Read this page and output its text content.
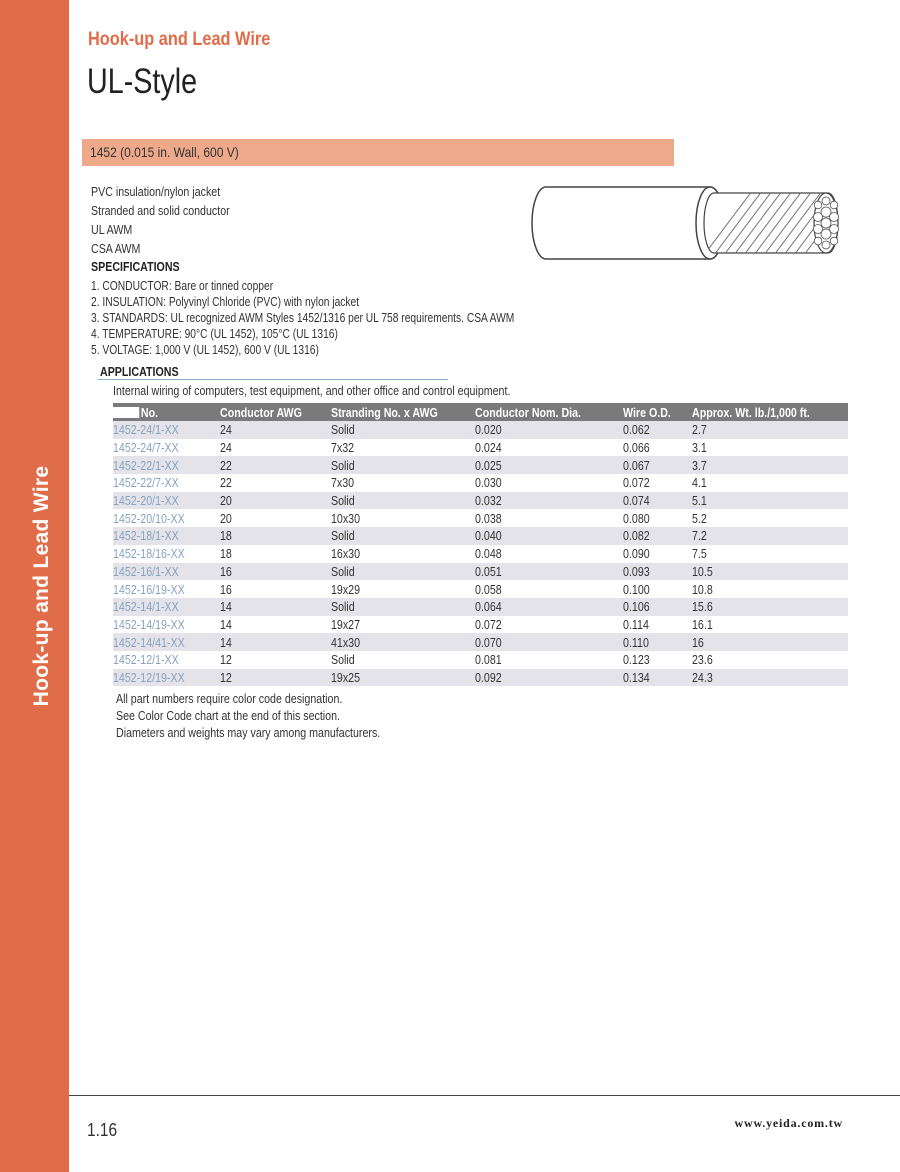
Hook-up and Lead Wire
Hook-up and Lead Wire
UL-Style
1452 (0.015 in. Wall, 600 V)
PVC insulation/nylon jacket
Stranded and solid conductor
UL AWM
CSA AWM
SPECIFICATIONS
1. CONDUCTOR: Bare or tinned copper
2. INSULATION: Polyvinyl Chloride (PVC) with nylon jacket
3. STANDARDS: UL recognized AWM Styles 1452/1316 per UL 758 requirements. CSA AWM
4. TEMPERATURE: 90°C (UL 1452), 105°C (UL 1316)
5. VOLTAGE: 1,000 V (UL 1452), 600 V (UL 1316)
APPLICATIONS
Internal wiring of computers, test equipment, and other office and control equipment.
No.	Conductor AWG	Stranding No. x AWG	Conductor Nom. Dia.	Wire O.D.	Approx. Wt. lb./1,000 ft.

1452-24/1-XX	24	Solid	0.020	0.062	2.7
1452-24/7-XX	24	7x32	0.024	0.066	3.1
1452-22/1-XX	22	Solid	0.025	0.067	3.7
1452-22/7-XX	22	7x30	0.030	0.072	4.1
1452-20/1-XX	20	Solid	0.032	0.074	5.1
1452-20/10-XX	20	10x30	0.038	0.080	5.2
1452-18/1-XX	18	Solid	0.040	0.082	7.2
1452-18/16-XX	18	16x30	0.048	0.090	7.5
1452-16/1-XX	16	Solid	0.051	0.093	10.5
1452-16/19-XX	16	19x29	0.058	0.100	10.8
1452-14/1-XX	14	Solid	0.064	0.106	15.6
1452-14/19-XX	14	19x27	0.072	0.114	16.1
1452-14/41-XX	14	41x30	0.070	0.110	16
1452-12/1-XX	12	Solid	0.081	0.123	23.6
1452-12/19-XX	12	19x25	0.092	0.134	24.3
All part numbers require color code designation.
See Color Code chart at the end of this section.
Diameters and weights may vary among manufacturers.
1.16	www.yeida.com.tw
